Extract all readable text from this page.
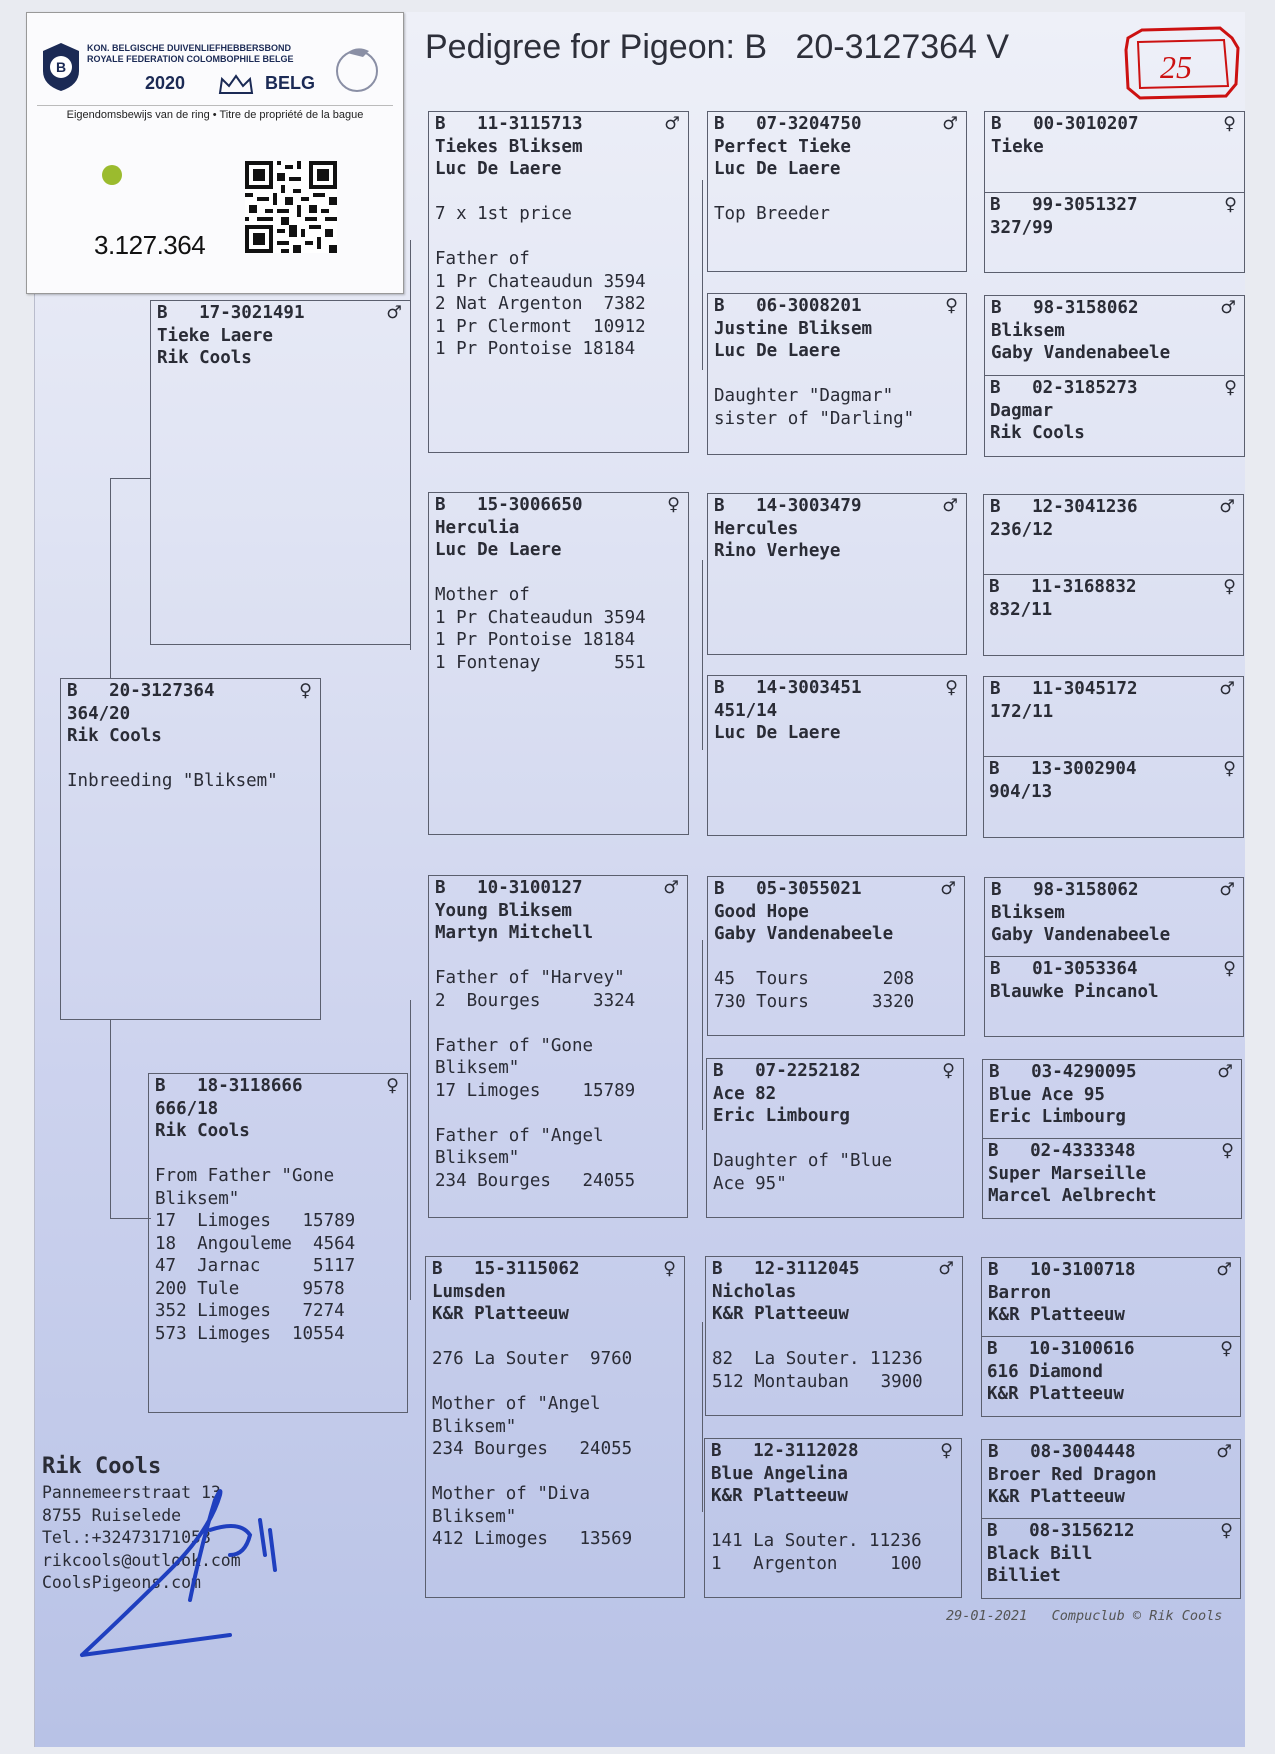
Pedigree for Pigeon: B   20-3127364 V
B   20-3127364	♀
364/20
Rik Cools

Inbreeding "Bliksem"
B   17-3021491	♂
Tieke Laere
Rik Cools
B   18-3118666	♀
666/18
Rik Cools

From Father "Gone
Bliksem"
17  Limoges   15789
18  Angouleme  4564
47  Jarnac     5117
200 Tule      9578
352 Limoges   7274
573 Limoges  10554
B   11-3115713	♂
Tiekes Bliksem
Luc De Laere

7 x 1st price

Father of
1 Pr Chateaudun 3594
2 Nat Argenton  7382
1 Pr Clermont  10912
1 Pr Pontoise 18184
B   15-3006650	♀
Herculia
Luc De Laere

Mother of
1 Pr Chateaudun 3594
1 Pr Pontoise 18184
1 Fontenay       551
B   10-3100127	♂
Young Bliksem
Martyn Mitchell

Father of "Harvey"
2  Bourges     3324

Father of "Gone
Bliksem"
17 Limoges    15789

Father of "Angel
Bliksem"
234 Bourges   24055
B   15-3115062	♀
Lumsden
K&R Platteeuw

276 La Souter  9760

Mother of "Angel
Bliksem"
234 Bourges   24055

Mother of "Diva
Bliksem"
412 Limoges   13569
B   07-3204750	♂
Perfect Tieke
Luc De Laere

Top Breeder
B   06-3008201	♀
Justine Bliksem
Luc De Laere

Daughter "Dagmar"
sister of "Darling"
B   14-3003479	♂
Hercules
Rino Verheye
B   14-3003451	♀
451/14
Luc De Laere
B   05-3055021	♂
Good Hope
Gaby Vandenabeele

45  Tours       208
730 Tours      3320
B   07-2252182	♀
Ace 82
Eric Limbourg

Daughter of "Blue
Ace 95"
B   12-3112045	♂
Nicholas
K&R Platteeuw

82  La Souter. 11236
512 Montauban   3900
B   12-3112028	♀
Blue Angelina
K&R Platteeuw

141 La Souter. 11236
1   Argenton     100
B   00-3010207	♀
Tieke
B   99-3051327	♀
327/99
B   98-3158062	♂
Bliksem
Gaby Vandenabeele
B   02-3185273	♀
Dagmar
Rik Cools
B   12-3041236	♂
236/12
B   11-3168832	♀
832/11
B   11-3045172	♂
172/11
B   13-3002904	♀
904/13
B   98-3158062	♂
Bliksem
Gaby Vandenabeele
B   01-3053364	♀
Blauwke Pincanol
B   03-4290095	♂
Blue Ace 95
Eric Limbourg
B   02-4333348	♀
Super Marseille
Marcel Aelbrecht
B   10-3100718	♂
Barron
K&R Platteeuw
B   10-3100616	♀
616 Diamond
K&R Platteeuw
B   08-3004448	♂
Broer Red Dragon
K&R Platteeuw
B   08-3156212	♀
Black Bill
Billiet
B
KON. BELGISCHE DUIVENLIEFHEBBERSBOND
ROYALE FEDERATION COLOMBOPHILE BELGE
2020	BELG
Eigendomsbewijs van de ring • Titre de propriété de la bague
3.127.364
25
Rik Cools
Pannemeerstraat 13
8755 Ruiselede
Tel.:+32473171053
rikcools@outlook.com
CoolsPigeons.com
29-01-2021   Compuclub © Rik Cools
